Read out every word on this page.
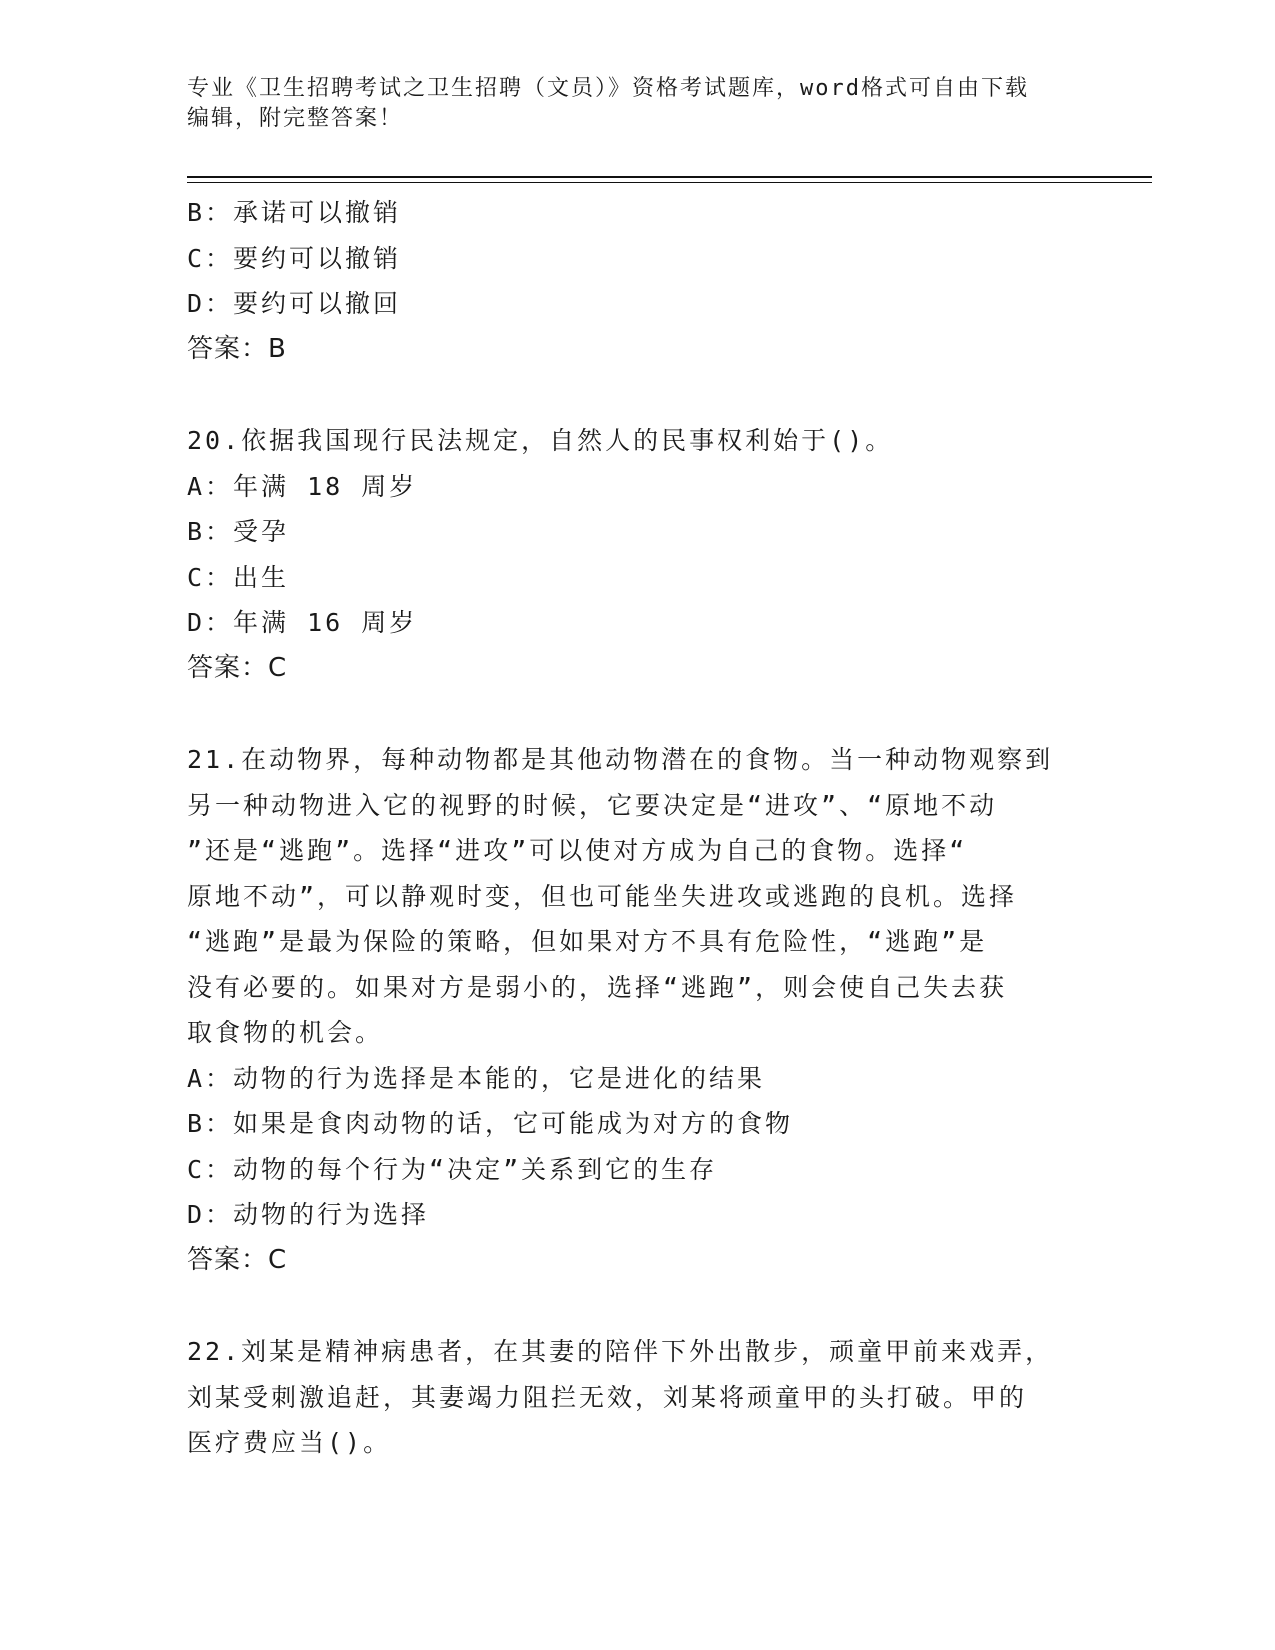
专业《卫生招聘考试之卫生招聘（文员）》资格考试题库，word格式可自由下载
编辑，附完整答案！
B：承诺可以撤销
C：要约可以撤销
D：要约可以撤回
答案：B
20.依据我国现行民法规定，自然人的民事权利始于()。
A：年满 18 周岁
B：受孕
C：出生
D：年满 16 周岁
答案：C
21.在动物界，每种动物都是其他动物潜在的食物。当一种动物观察到
另一种动物进入它的视野的时候，它要决定是“进攻”、“原地不动
”还是“逃跑”。选择“进攻”可以使对方成为自己的食物。选择“
原地不动”，可以静观时变，但也可能坐失进攻或逃跑的良机。选择
“逃跑”是最为保险的策略，但如果对方不具有危险性，“逃跑”是
没有必要的。如果对方是弱小的，选择“逃跑”，则会使自己失去获
取食物的机会。
A：动物的行为选择是本能的，它是进化的结果
B：如果是食肉动物的话，它可能成为对方的食物
C：动物的每个行为“决定”关系到它的生存
D：动物的行为选择
答案：C
22.刘某是精神病患者，在其妻的陪伴下外出散步，顽童甲前来戏弄，
刘某受刺激追赶，其妻竭力阻拦无效，刘某将顽童甲的头打破。甲的
医疗费应当()。
